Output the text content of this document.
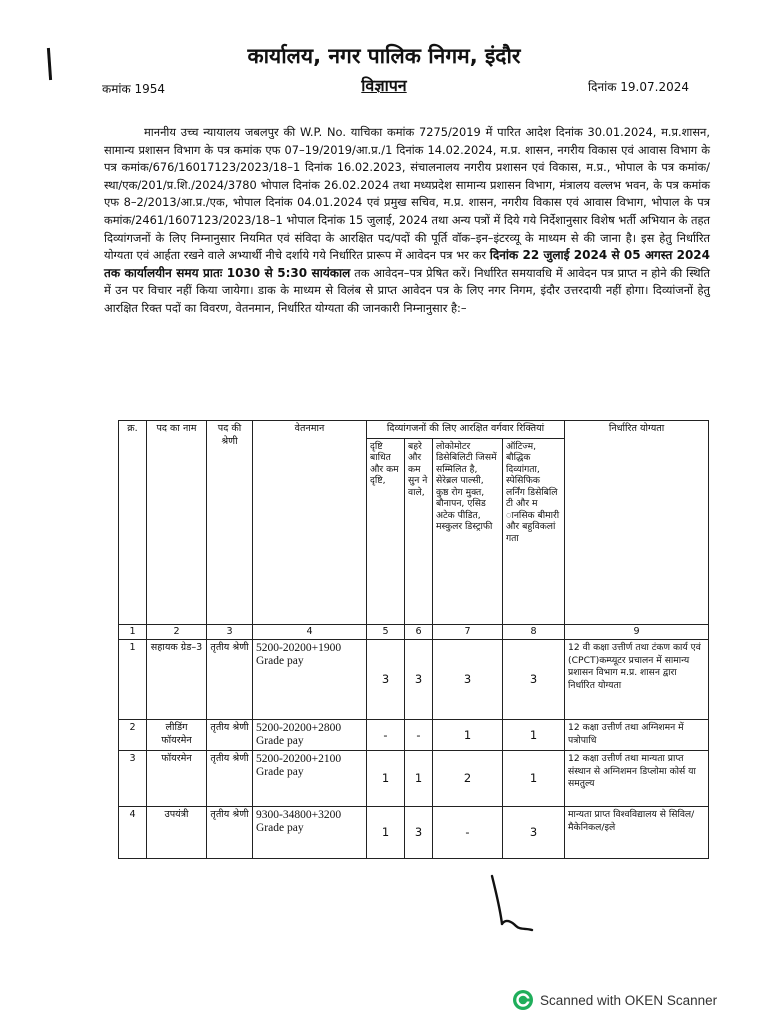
कार्यालय, नगर पालिक निगम, इंदौर
कमांक 1954	विज्ञापन	दिनांक 19.07.2024
माननीय उच्च न्यायालय जबलपुर की W.P. No. याचिका कमांक 7275/2019 में पारित आदेश दिनांक 30.01.2024, म.प्र.शासन, सामान्य प्रशासन विभाग के पत्र कमांक एफ 07–19/2019/आ.प्र./1 दिनांक 14.02.2024, म.प्र. शासन, नगरीय विकास एवं आवास विभाग के पत्र कमांक/676/16017123/2023/18–1 दिनांक 16.02.2023, संचालनालय नगरीय प्रशासन एवं विकास, म.प्र., भोपाल के पत्र कमांक/स्था/एक/201/प्र.शि./2024/3780 भोपाल दिनांक 26.02.2024 तथा मध्यप्रदेश सामान्य प्रशासन विभाग, मंत्रालय वल्लभ भवन, के पत्र कमांक एफ 8–2/2013/आ.प्र./एक, भोपाल दिनांक 04.01.2024 एवं प्रमुख सचिव, म.प्र. शासन, नगरीय विकास एवं आवास विभाग, भोपाल के पत्र कमांक/2461/1607123/2023/18–1 भोपाल दिनांक 15 जुलाई, 2024 तथा अन्य पत्रों में दिये गये निर्देशानुसार विशेष भर्ती अभियान के तहत दिव्यांगजनों के लिए निम्नानुसार नियमित एवं संविदा के आरक्षित पद/पदों की पूर्ति वॉक–इन–इंटरव्यू के माध्यम से की जाना है। इस हेतु निर्धारित योग्यता एवं आर्हता रखने वाले अभ्यार्थी नीचे दर्शाये गये निर्धारित प्रारूप में आवेदन पत्र भर कर दिनांक 22 जुलाई 2024 से 05 अगस्त 2024 तक कार्यालयीन समय प्रातः 1030 से 5:30 सायंकाल तक आवेदन–पत्र प्रेषित करें। निर्धारित समयावधि में आवेदन पत्र प्राप्त न होने की स्थिति में उन पर विचार नहीं किया जायेगा। डाक के माध्यम से विलंब से प्राप्त आवेदन पत्र के लिए नगर निगम, इंदौर उत्तरदायी नहीं होगा। दिव्यांजनों हेतु आरक्षित रिक्त पदों का विवरण, वेतनमान, निर्धारित योग्यता की जानकारी निम्नानुसार है:–
क्र.	पद का नाम	पद की श्रेणी	वेतनमान	दिव्यांगजनों की लिए आरक्षित वर्गवार रिक्तियां				निर्धारित योग्यता
				दृष्टि बाधित और कम दृष्टि,	बहरे और कम सुन ने वाले,	लोकोमोटर डिसेबिलिटी जिसमें सम्मिलित है, सेरेब्रल पाल्सी, कुष्ठ रोग मुक्त, बौनापन, एसिड अटेक पीडित, मस्कुलर डिस्ट्राफी	ऑटिज्म, बौद्धिक दिव्यांगता, स्पेसिफिक लर्निंग डिसेबिलि टी और म ानसिक बीमारी और बहुविकलां गता	
1	2	3	4	5	6	7	8	9
1	सहायक ग्रेड–3	तृतीय श्रेणी	5200-20200+1900 Grade pay	3	3	3	3	12 वी कक्षा उत्तीर्ण तथा टंकण कार्य एवं (CPCT)कम्प्यूटर प्रचालन में सामान्य प्रशासन विभाग म.प्र. शासन द्वारा निर्धारित योग्यता
2	लीडिंग फॉयरमेन	तृतीय श्रेणी	5200-20200+2800 Grade pay	-	-	1	1	12 कक्षा उत्तीर्ण तथा अग्निशमन में पत्रोपाधि
3	फॉयरमेन	तृतीय श्रेणी	5200-20200+2100 Grade pay	1	1	2	1	12 कक्षा उत्तीर्ण तथा मान्यता प्राप्त संस्थान से अग्निशमन डिप्लोमा कोर्स या समतुल्य
4	उपयंत्री	तृतीय श्रेणी	9300-34800+3200 Grade pay	1	3	-	3	मान्यता प्राप्त विश्वविद्यालय से सिविल/मैकेनिकल/इले
Scanned with OKEN Scanner
